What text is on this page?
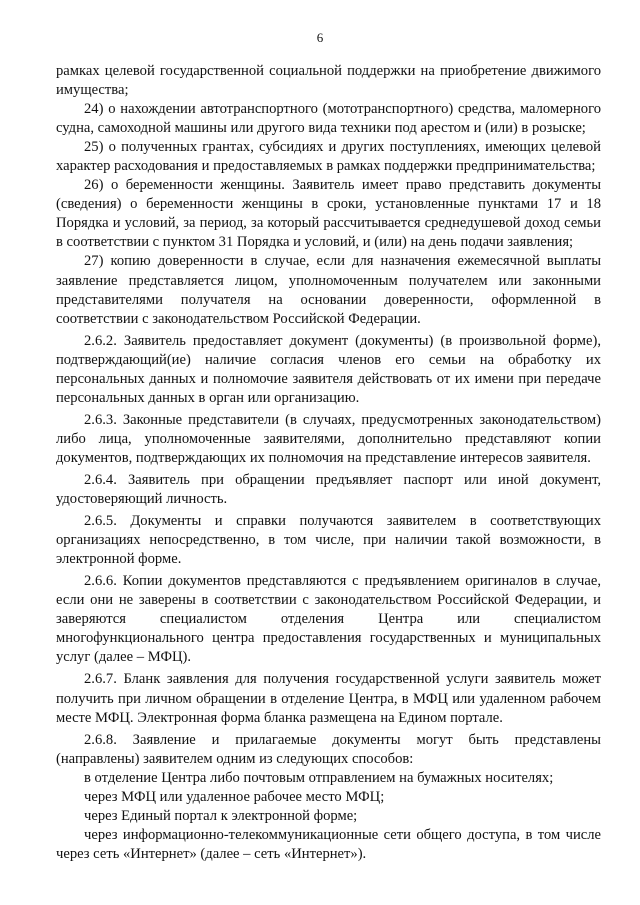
6

рамках целевой государственной социальной поддержки на приобретение движимого имущества;

24) о нахождении автотранспортного (мототранспортного) средства, маломерного судна, самоходной машины или другого вида техники под арестом и (или) в розыске;

25) о полученных грантах, субсидиях и других поступлениях, имеющих целевой характер расходования и предоставляемых в рамках поддержки предпринимательства;

26) о беременности женщины. Заявитель имеет право представить документы (сведения) о беременности женщины в сроки, установленные пунктами 17 и 18 Порядка и условий, за период, за который рассчитывается среднедушевой доход семьи в соответствии с пунктом 31 Порядка и условий, и (или) на день подачи заявления;

27) копию доверенности в случае, если для назначения ежемесячной выплаты заявление представляется лицом, уполномоченным получателем или законными представителями получателя на основании доверенности, оформленной в соответствии с законодательством Российской Федерации.

2.6.2. Заявитель предоставляет документ (документы) (в произвольной форме), подтверждающий(ие) наличие согласия членов его семьи на обработку их персональных данных и полномочие заявителя действовать от их имени при передаче персональных данных в орган или организацию.

2.6.3. Законные представители (в случаях, предусмотренных законодательством) либо лица, уполномоченные заявителями, дополнительно представляют копии документов, подтверждающих их полномочия на представление интересов заявителя.

2.6.4. Заявитель при обращении предъявляет паспорт или иной документ, удостоверяющий личность.

2.6.5. Документы и справки получаются заявителем в соответствующих организациях непосредственно, в том числе, при наличии такой возможности, в электронной форме.

2.6.6. Копии документов представляются с предъявлением оригиналов в случае, если они не заверены в соответствии с законодательством Российской Федерации, и заверяются специалистом отделения Центра или специалистом многофункционального центра предоставления государственных и муниципальных услуг (далее – МФЦ).

2.6.7. Бланк заявления для получения государственной услуги заявитель может получить при личном обращении в отделение Центра, в МФЦ или удаленном рабочем месте МФЦ. Электронная форма бланка размещена на Едином портале.

2.6.8. Заявление и прилагаемые документы могут быть представлены (направлены) заявителем одним из следующих способов:

в отделение Центра либо почтовым отправлением на бумажных носителях;

через МФЦ или удаленное рабочее место МФЦ;

через Единый портал к электронной форме;

через информационно-телекоммуникационные сети общего доступа, в том числе через сеть «Интернет» (далее – сеть «Интернет»).
